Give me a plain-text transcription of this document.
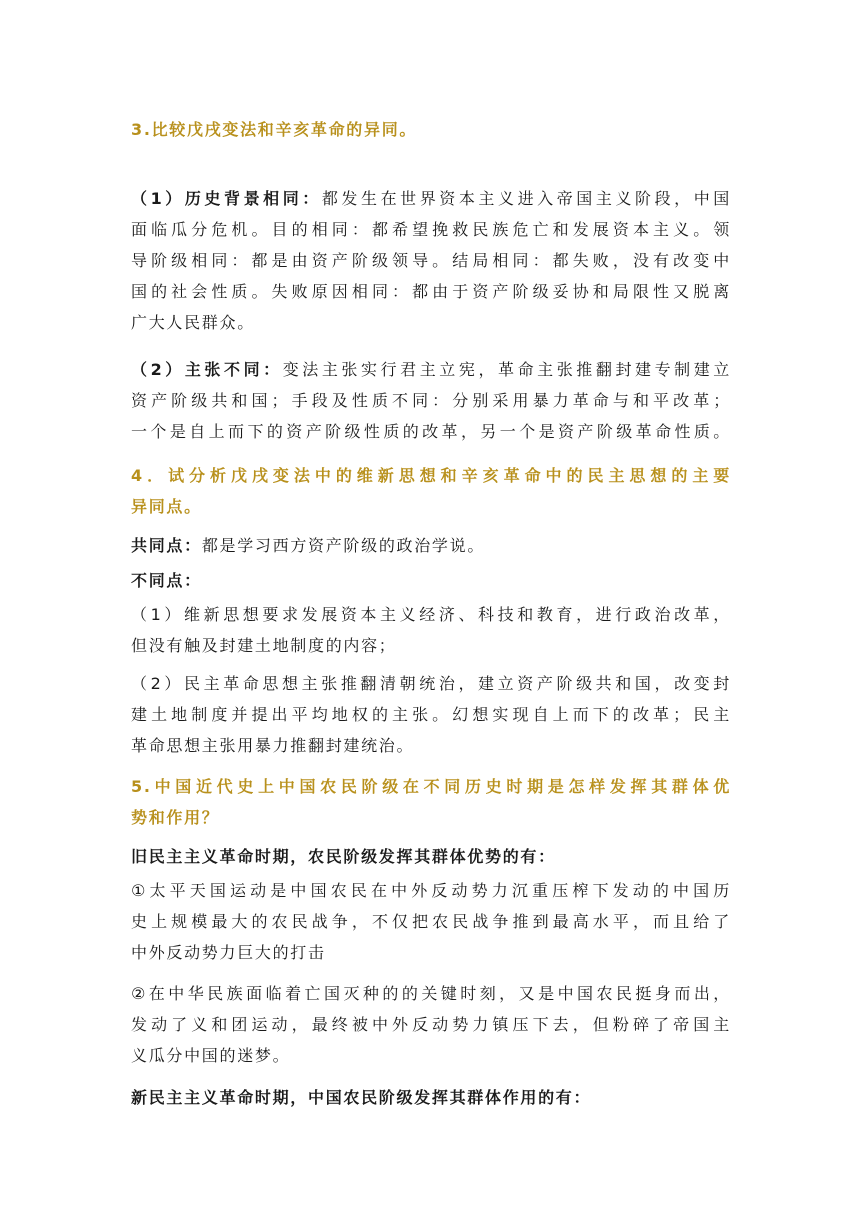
3.比较戊戌变法和辛亥革命的异同。
（1）历史背景相同：都发生在世界资本主义进入帝国主义阶段，中国
面临瓜分危机。目的相同：都希望挽救民族危亡和发展资本主义。领
导阶级相同：都是由资产阶级领导。结局相同：都失败，没有改变中
国的社会性质。失败原因相同：都由于资产阶级妥协和局限性又脱离
广大人民群众。
（2）主张不同：变法主张实行君主立宪，革命主张推翻封建专制建立
资产阶级共和国；手段及性质不同：分别采用暴力革命与和平改革；
一个是自上而下的资产阶级性质的改革，另一个是资产阶级革命性质。
4．试分析戊戌变法中的维新思想和辛亥革命中的民主思想的主要
异同点。
共同点：都是学习西方资产阶级的政治学说。
不同点：
（1）维新思想要求发展资本主义经济、科技和教育，进行政治改革，
但没有触及封建土地制度的内容；
（2）民主革命思想主张推翻清朝统治，建立资产阶级共和国，改变封
建土地制度并提出平均地权的主张。幻想实现自上而下的改革；民主
革命思想主张用暴力推翻封建统治。
5.中国近代史上中国农民阶级在不同历史时期是怎样发挥其群体优
势和作用？
旧民主主义革命时期，农民阶级发挥其群体优势的有：
①太平天国运动是中国农民在中外反动势力沉重压榨下发动的中国历
史上规模最大的农民战争，不仅把农民战争推到最高水平，而且给了
中外反动势力巨大的打击
②在中华民族面临着亡国灭种的的关键时刻，又是中国农民挺身而出，
发动了义和团运动，最终被中外反动势力镇压下去，但粉碎了帝国主
义瓜分中国的迷梦。
新民主主义革命时期，中国农民阶级发挥其群体作用的有：
